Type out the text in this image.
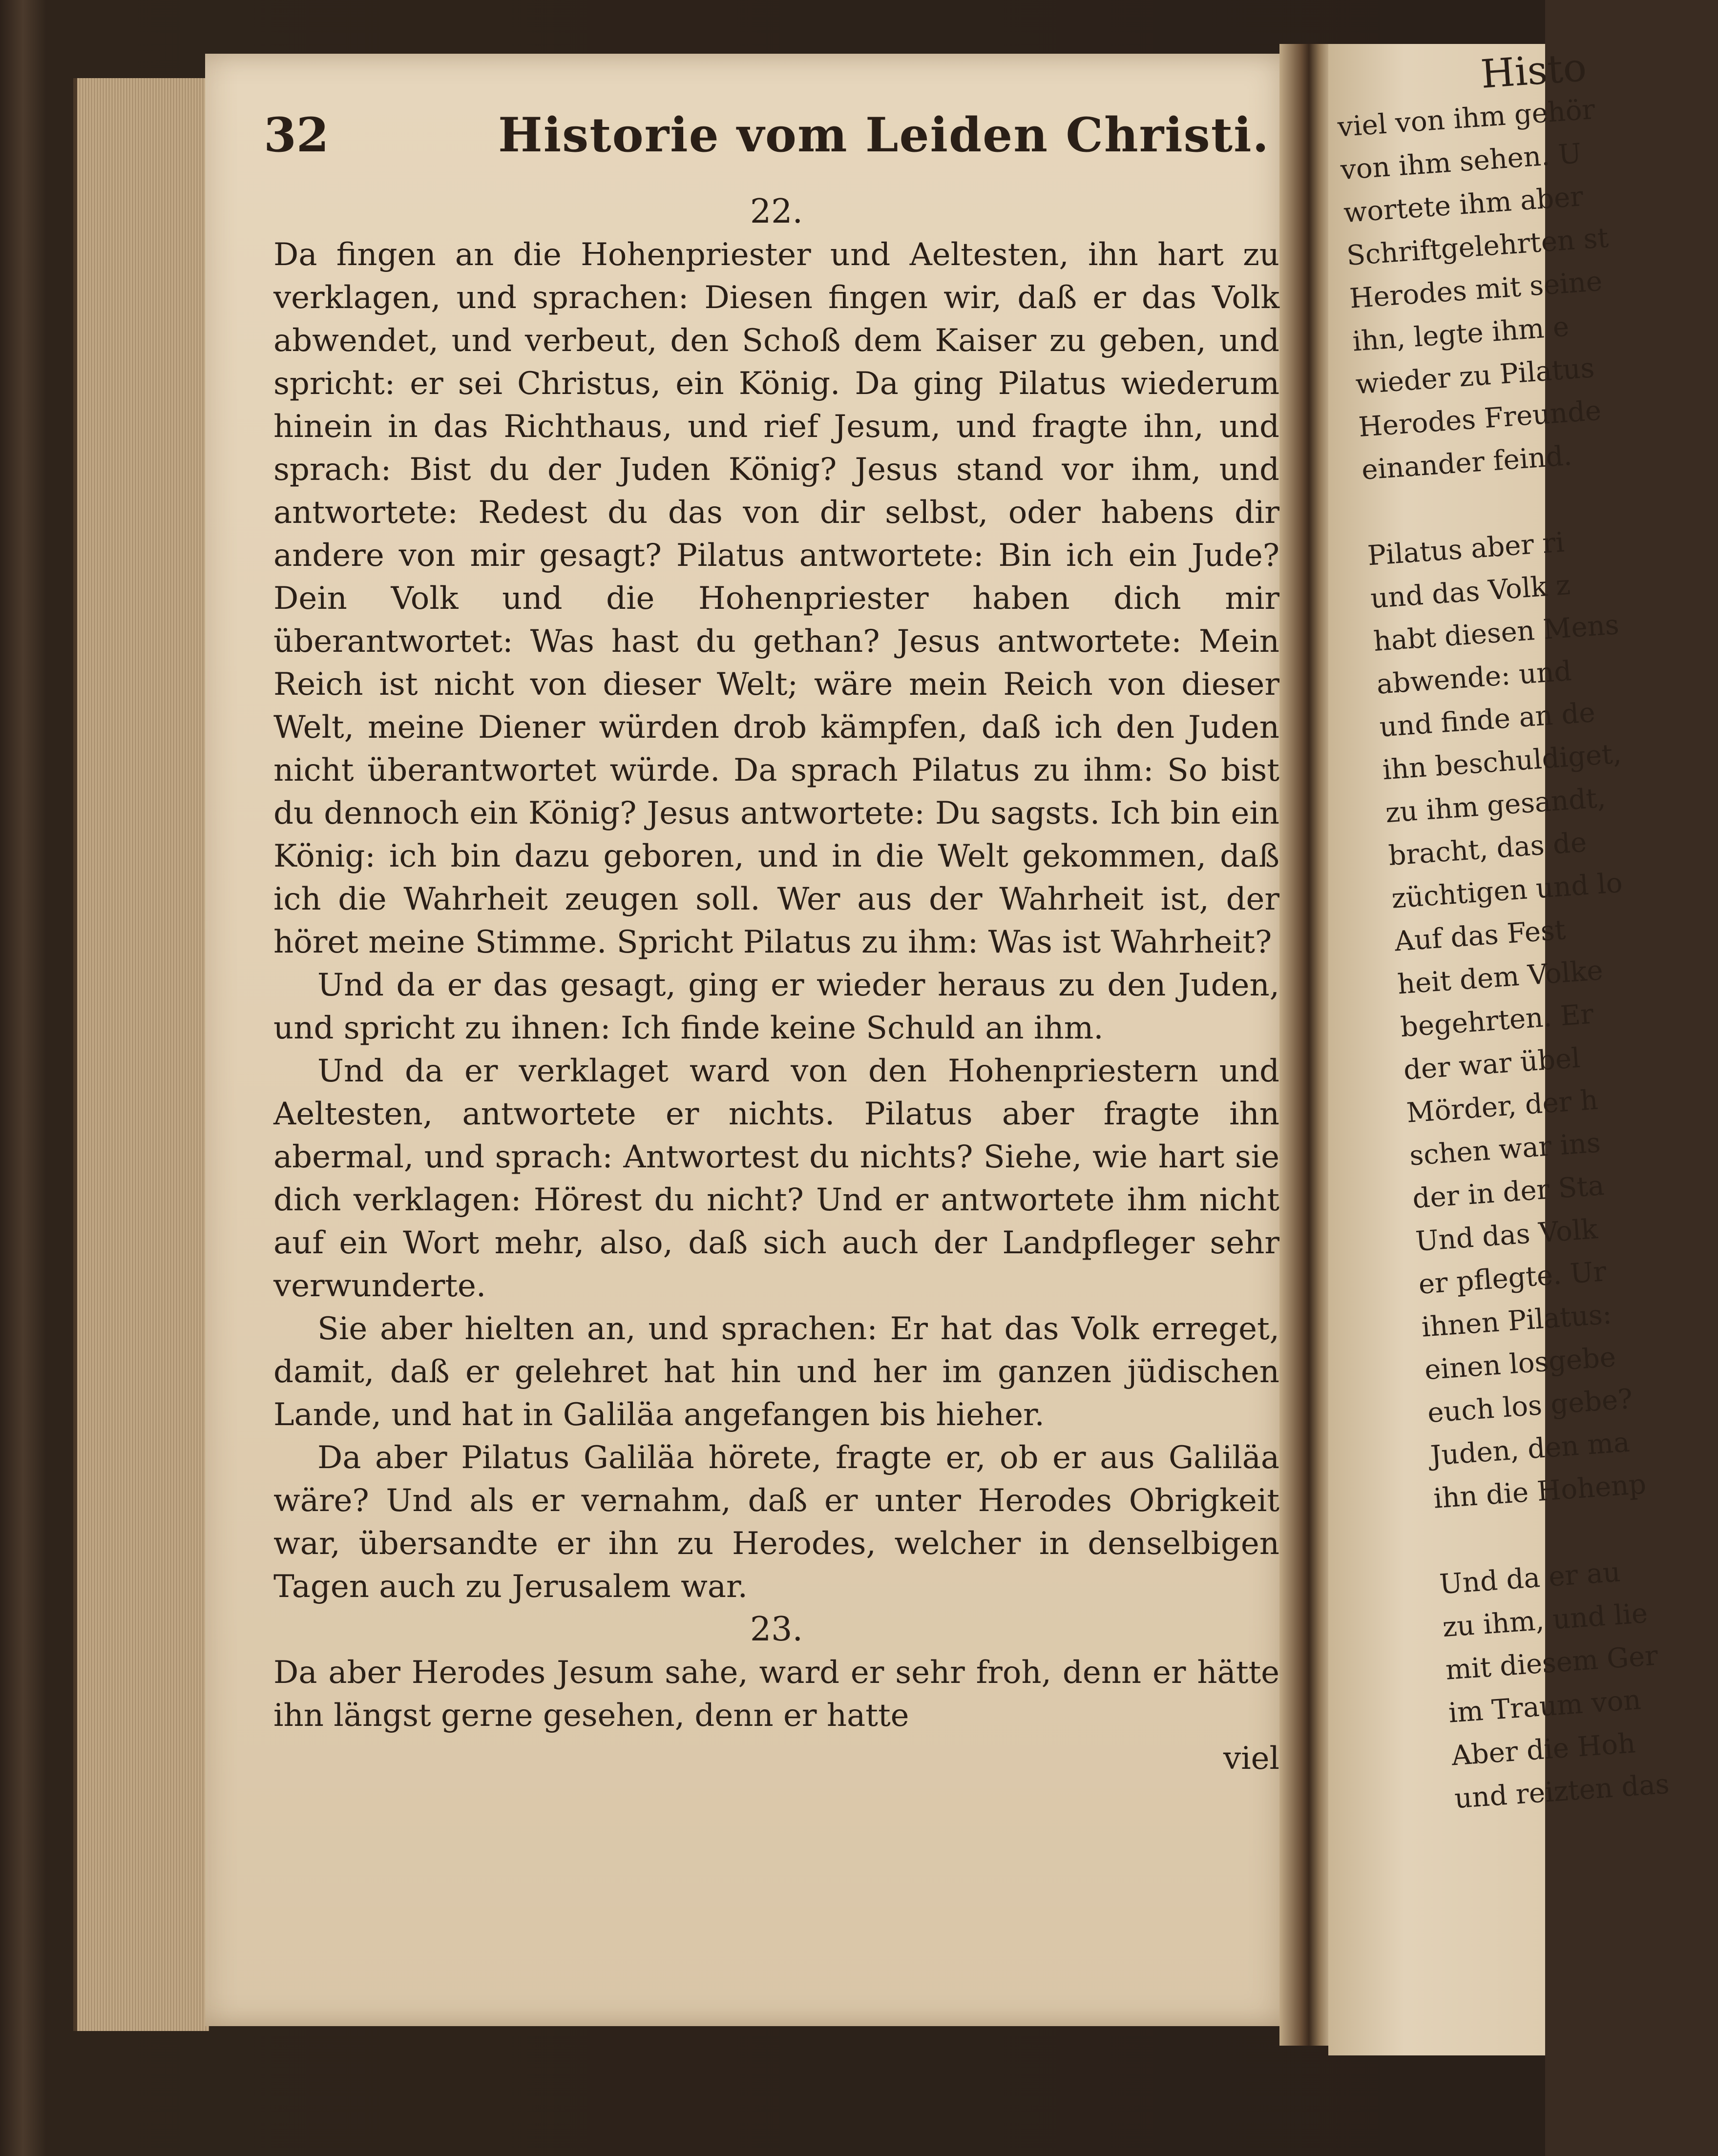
32	Historie vom Leiden Christi.

22.

Da fingen an die Hohenpriester und Aeltesten, ihn hart zu verklagen, und sprachen: Diesen fingen wir, daß er das Volk abwendet, und verbeut, den Schoß dem Kaiser zu geben, und spricht: er sei Christus, ein König. Da ging Pilatus wiederum hinein in das Richthaus, und rief Jesum, und fragte ihn, und sprach: Bist du der Juden König? Jesus stand vor ihm, und antwortete: Redest du das von dir selbst, oder habens dir andere von mir gesagt? Pilatus antwortete: Bin ich ein Jude? Dein Volk und die Hohenpriester haben dich mir überantwortet: Was hast du gethan? Jesus antwortete: Mein Reich ist nicht von dieser Welt; wäre mein Reich von dieser Welt, meine Diener würden drob kämpfen, daß ich den Juden nicht überantwortet würde. Da sprach Pilatus zu ihm: So bist du dennoch ein König? Jesus antwortete: Du sagsts. Ich bin ein König: ich bin dazu geboren, und in die Welt gekommen, daß ich die Wahrheit zeugen soll. Wer aus der Wahrheit ist, der höret meine Stimme. Spricht Pilatus zu ihm: Was ist Wahrheit?

Und da er das gesagt, ging er wieder heraus zu den Juden, und spricht zu ihnen: Ich finde keine Schuld an ihm.

Und da er verklaget ward von den Hohenpriestern und Aeltesten, antwortete er nichts. Pilatus aber fragte ihn abermal, und sprach: Antwortest du nichts? Siehe, wie hart sie dich verklagen: Hörest du nicht? Und er antwortete ihm nicht auf ein Wort mehr, also, daß sich auch der Landpfleger sehr verwunderte.

Sie aber hielten an, und sprachen: Er hat das Volk erreget, damit, daß er gelehret hat hin und her im ganzen jüdischen Lande, und hat in Galiläa angefangen bis hieher.

Da aber Pilatus Galiläa hörete, fragte er, ob er aus Galiläa wäre? Und als er vernahm, daß er unter Herodes Obrigkeit war, übersandte er ihn zu Herodes, welcher in denselbigen Tagen auch zu Jerusalem war.

23.

Da aber Herodes Jesum sahe, ward er sehr froh, denn er hätte ihn längst gerne gesehen, denn er hatte

viel

Histo
viel von ihm gehör
von ihm sehen. U
wortete ihm aber
Schriftgelehrten st
Herodes mit seine
ihn, legte ihm e
wieder zu Pilatus
Herodes Freunde
einander feind.

Pilatus aber ri
und das Volk z
habt diesen Mens
abwende: und
und finde an de
ihn beschuldiget,
zu ihm gesandt,
bracht, das de
züchtigen und lo
Auf das Fest
heit dem Volke
begehrten. Er
der war übel
Mörder, der h
schen war ins
der in der Sta
Und das Volk
er pflegte. Ur
ihnen Pilatus:
einen losgebe
euch los gebe?
Juden, den ma
ihn die Hohenp

Und da er au
zu ihm, und lie
mit diesem Ger
im Traum von
Aber die Hoh
und reizten das
